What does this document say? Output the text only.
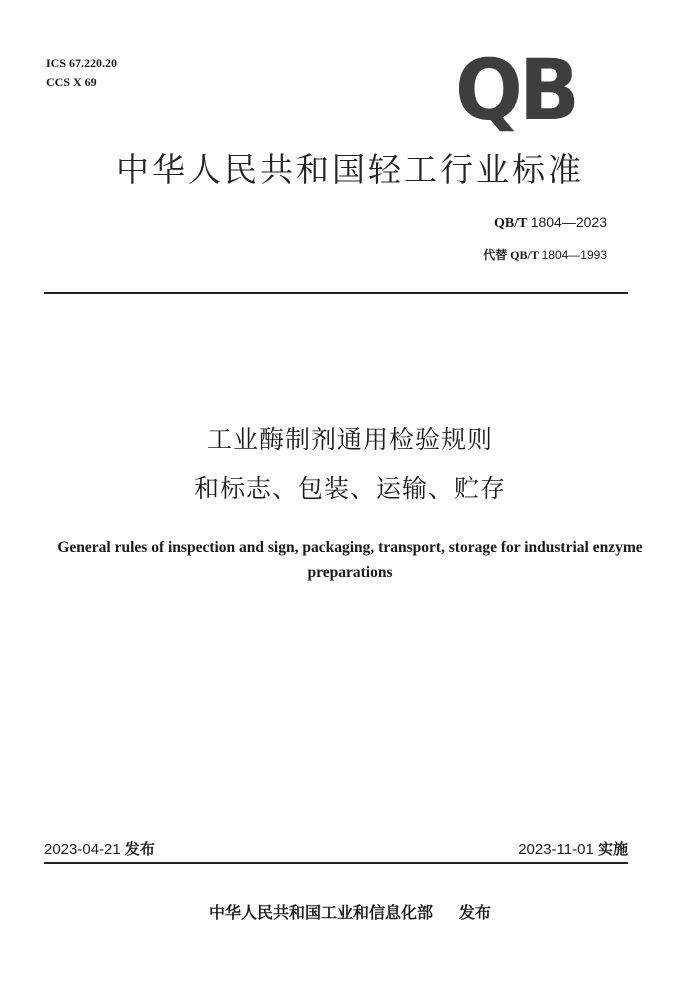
ICS 67.220.20
CCS X 69	QB
中华人民共和国轻工行业标准
QB/T 1804—2023
代替 QB/T 1804—1993
工业酶制剂通用检验规则
和标志、包装、运输、贮存
General rules of inspection and sign, packaging, transport, storage for industrial enzyme preparations
2023-04-21 发布	2023-11-01 实施
中华人民共和国工业和信息化部 发布
